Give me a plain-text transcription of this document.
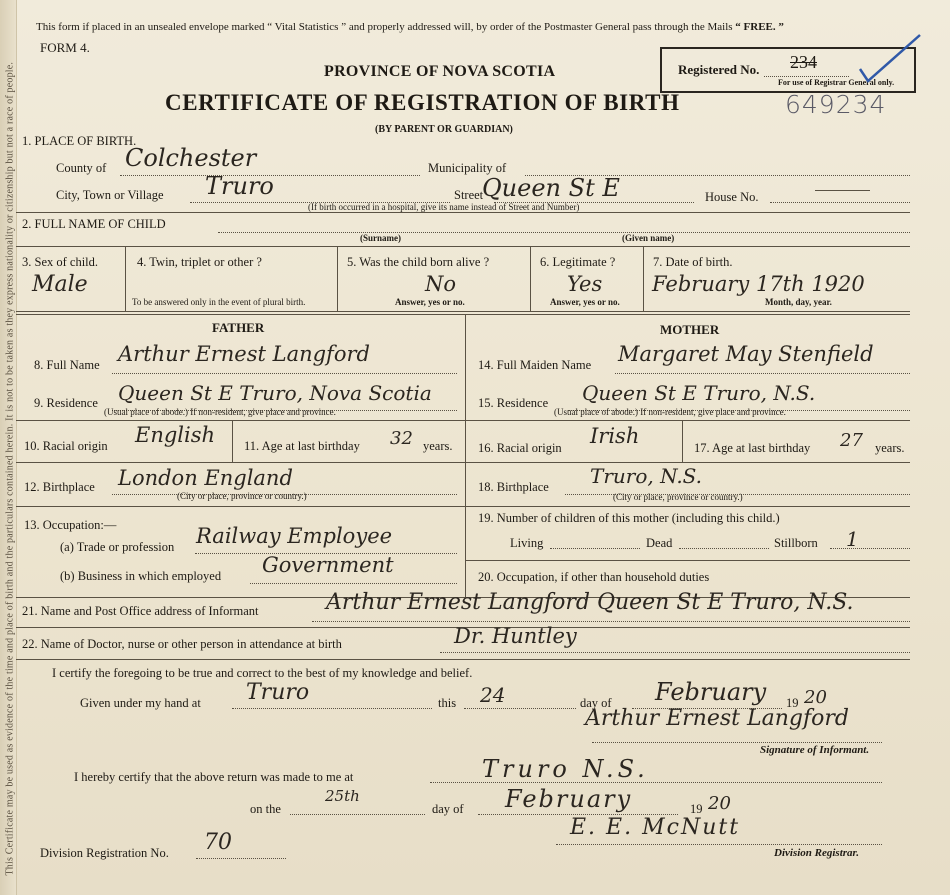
This Certificate may be used as evidence of the time and place of birth and the particulars contained herein. It is not to be taken as they express nationality or citizenship but not a race of people.
This form if placed in an unsealed envelope marked “ Vital Statistics ” and properly addressed will, by order of the Postmaster General pass through the Mails “ FREE. ”
FORM 4.
PROVINCE OF NOVA SCOTIA
CERTIFICATE OF REGISTRATION OF BIRTH
(BY PARENT OR GUARDIAN)
Registered No. 234
For use of Registrar General only.
649234
1. PLACE OF BIRTH.
County of Colchester	Municipality of
City, Town or Village Truro	Street
Queen St E	House No.
(If birth occurred in a hospital, give its name instead of Street and Number)
2. FULL NAME OF CHILD
(Surname)	(Given name)
3. Sex of child.
Male
4. Twin, triplet or other ?
To be answered only in the event of plural birth.
5. Was the child born alive ?
No
Answer, yes or no.
6. Legitimate ?
Yes
Answer, yes or no.
7. Date of birth.
February 17th 1920
Month, day, year.
FATHER	MOTHER
8. Full Name Arthur Ernest Langford
9. Residence Queen St E Truro, Nova Scotia
(Usual place of abode.) If non-resident, give place and province.
10. Racial origin English 11. Age at last birthday 32 years.
12. Birthplace London England
(City or place, province or country.)
13. Occupation:—
(a) Trade or profession Railway Employee
(b) Business in which employed Government
14. Full Maiden Name Margaret May Stenfield
15. Residence Queen St E Truro, N.S.
(Usual place of abode.) If non-resident, give place and province.
16. Racial origin Irish	17. Age at last birthday 27 years.
18. Birthplace Truro, N.S.
(City or place, province or country.)
19. Number of children of this mother (including this child.)
Living	Dead	Stillborn 1
20. Occupation, if other than household duties
21. Name and Post Office address of Informant	Arthur Ernest Langford Queen St E Truro, N.S.
22. Name of Doctor, nurse or other person in attendance at birth	Dr. Huntley
I certify the foregoing to be true and correct to the best of my knowledge and belief.
Given under my hand at Truro	this 24	day of February 19 20
Arthur Ernest Langford
Signature of Informant.
I hereby certify that the above return was made to me at	Truro N.S.
on the
25th
day of February	19 20
Division Registration No. 70
E. E. McNutt
Division Registrar.
